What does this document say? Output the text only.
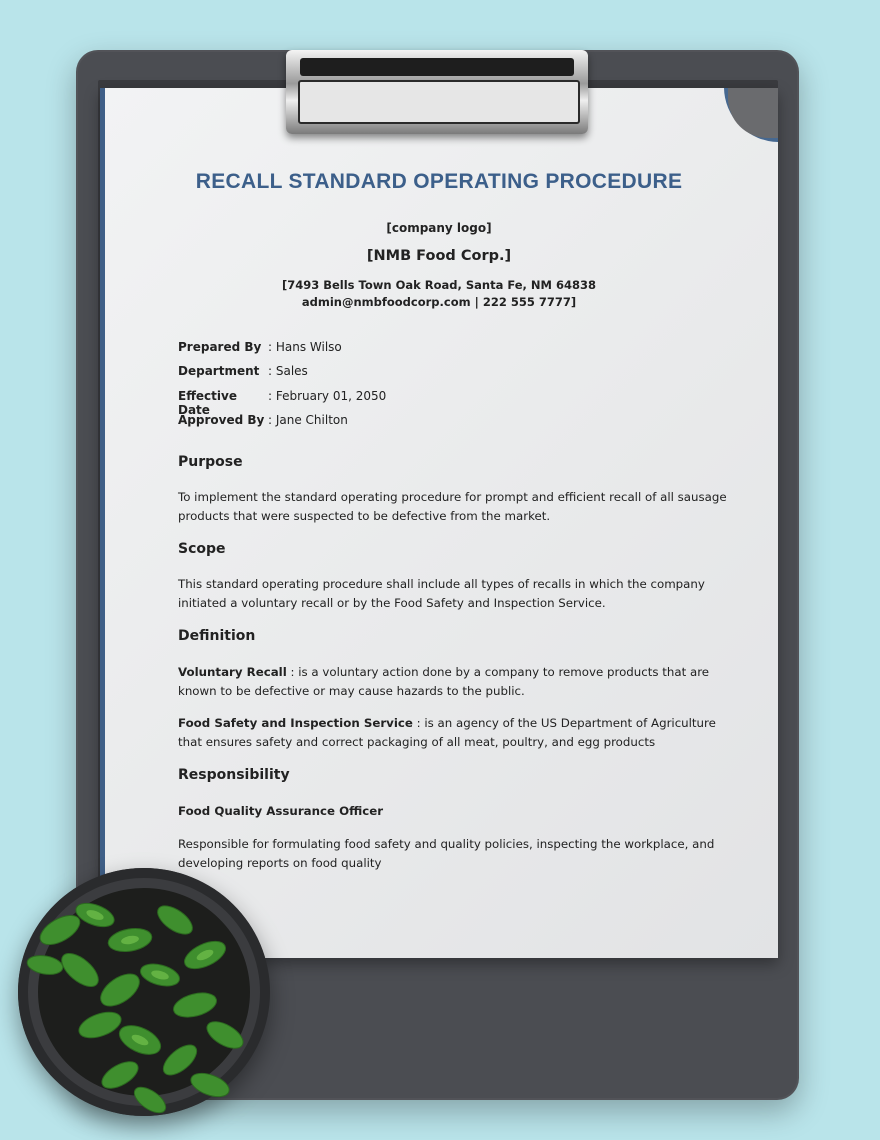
RECALL STANDARD OPERATING PROCEDURE
[company logo]
[NMB Food Corp.]
[7493 Bells Town Oak Road, Santa Fe, NM 64838
admin@nmbfoodcorp.com | 222 555 7777]
Prepared By : Hans Wilso
Department : Sales
Effective Date
: February 01, 2050
Approved By : Jane Chilton
Purpose
To implement the standard operating procedure for prompt and efficient recall of all sausage products that were suspected to be defective from the market.
Scope
This standard operating procedure shall include all types of recalls in which the company initiated a voluntary recall or by the Food Safety and Inspection Service.
Definition
Voluntary Recall : is a voluntary action done by a company to remove products that are known to be defective or may cause hazards to the public.
Food Safety and Inspection Service : is an agency of the US Department of Agriculture that ensures safety and correct packaging of all meat, poultry, and egg products
Responsibility
Food Quality Assurance Officer
Responsible for formulating food safety and quality policies, inspecting the workplace, and developing reports on food quality
